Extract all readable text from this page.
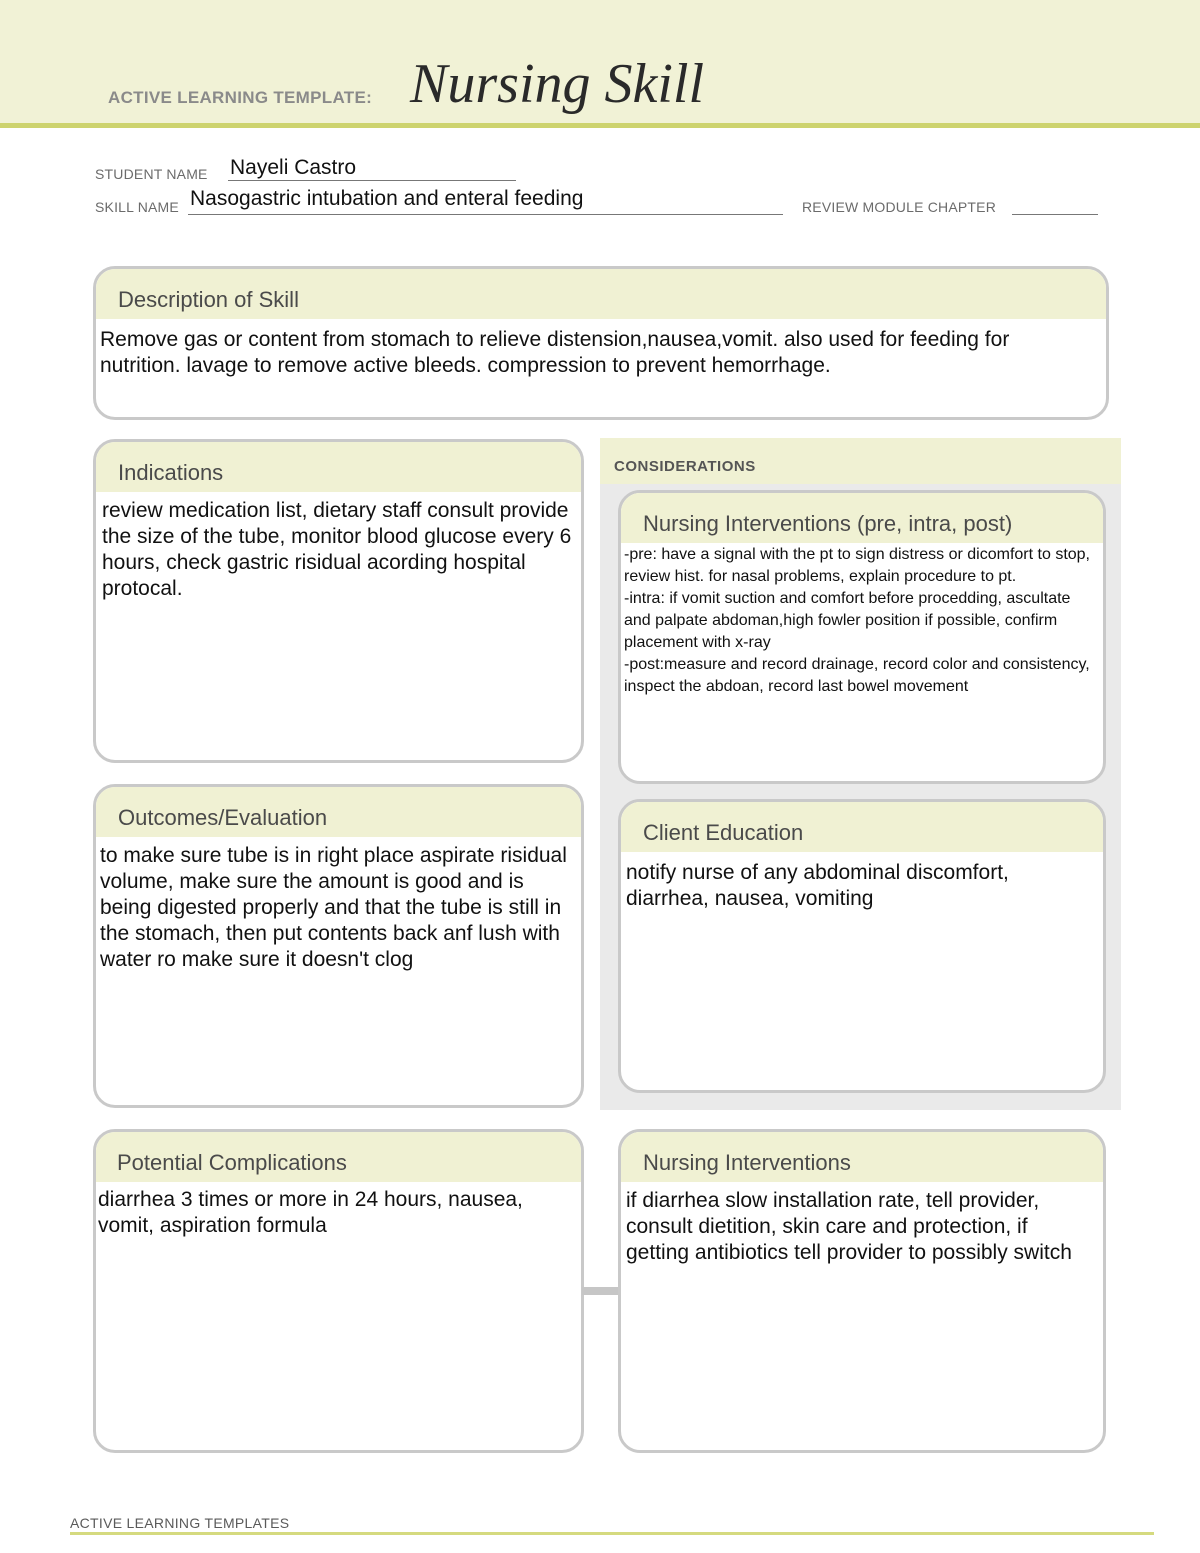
ACTIVE LEARNING TEMPLATE: Nursing Skill
STUDENT NAME Nayeli Castro
SKILL NAME Nasogastric intubation and enteral feeding	REVIEW MODULE CHAPTER
Description of Skill
Remove gas or content from stomach to relieve distension,nausea,vomit. also used for feeding for nutrition. lavage to remove active bleeds. compression to prevent hemorrhage.
Indications
review medication list, dietary staff consult provide the size of the tube, monitor blood glucose every 6 hours, check gastric risidual acording hospital protocal.
CONSIDERATIONS
Nursing Interventions (pre, intra, post)
-pre: have a signal with the pt to sign distress or dicomfort to stop, review hist. for nasal problems, explain procedure to pt.
-intra: if vomit suction and comfort before procedding, ascultate and palpate abdoman,high fowler position if possible, confirm placement with x-ray
-post:measure and record drainage, record color and consistency, inspect the abdoan, record last bowel movement
Outcomes/Evaluation
to make sure tube is in right place aspirate risidual volume, make sure the amount is good and is being digested properly and that the tube is still in the stomach, then put contents back anf lush with water ro make sure it doesn't clog
Client Education
notify nurse of any abdominal discomfort, diarrhea, nausea, vomiting
Potential Complications
diarrhea 3 times or more in 24 hours, nausea, vomit, aspiration formula
Nursing Interventions
if diarrhea slow installation rate, tell provider, consult dietition, skin care and protection, if getting antibiotics tell provider to possibly switch
ACTIVE LEARNING TEMPLATES
